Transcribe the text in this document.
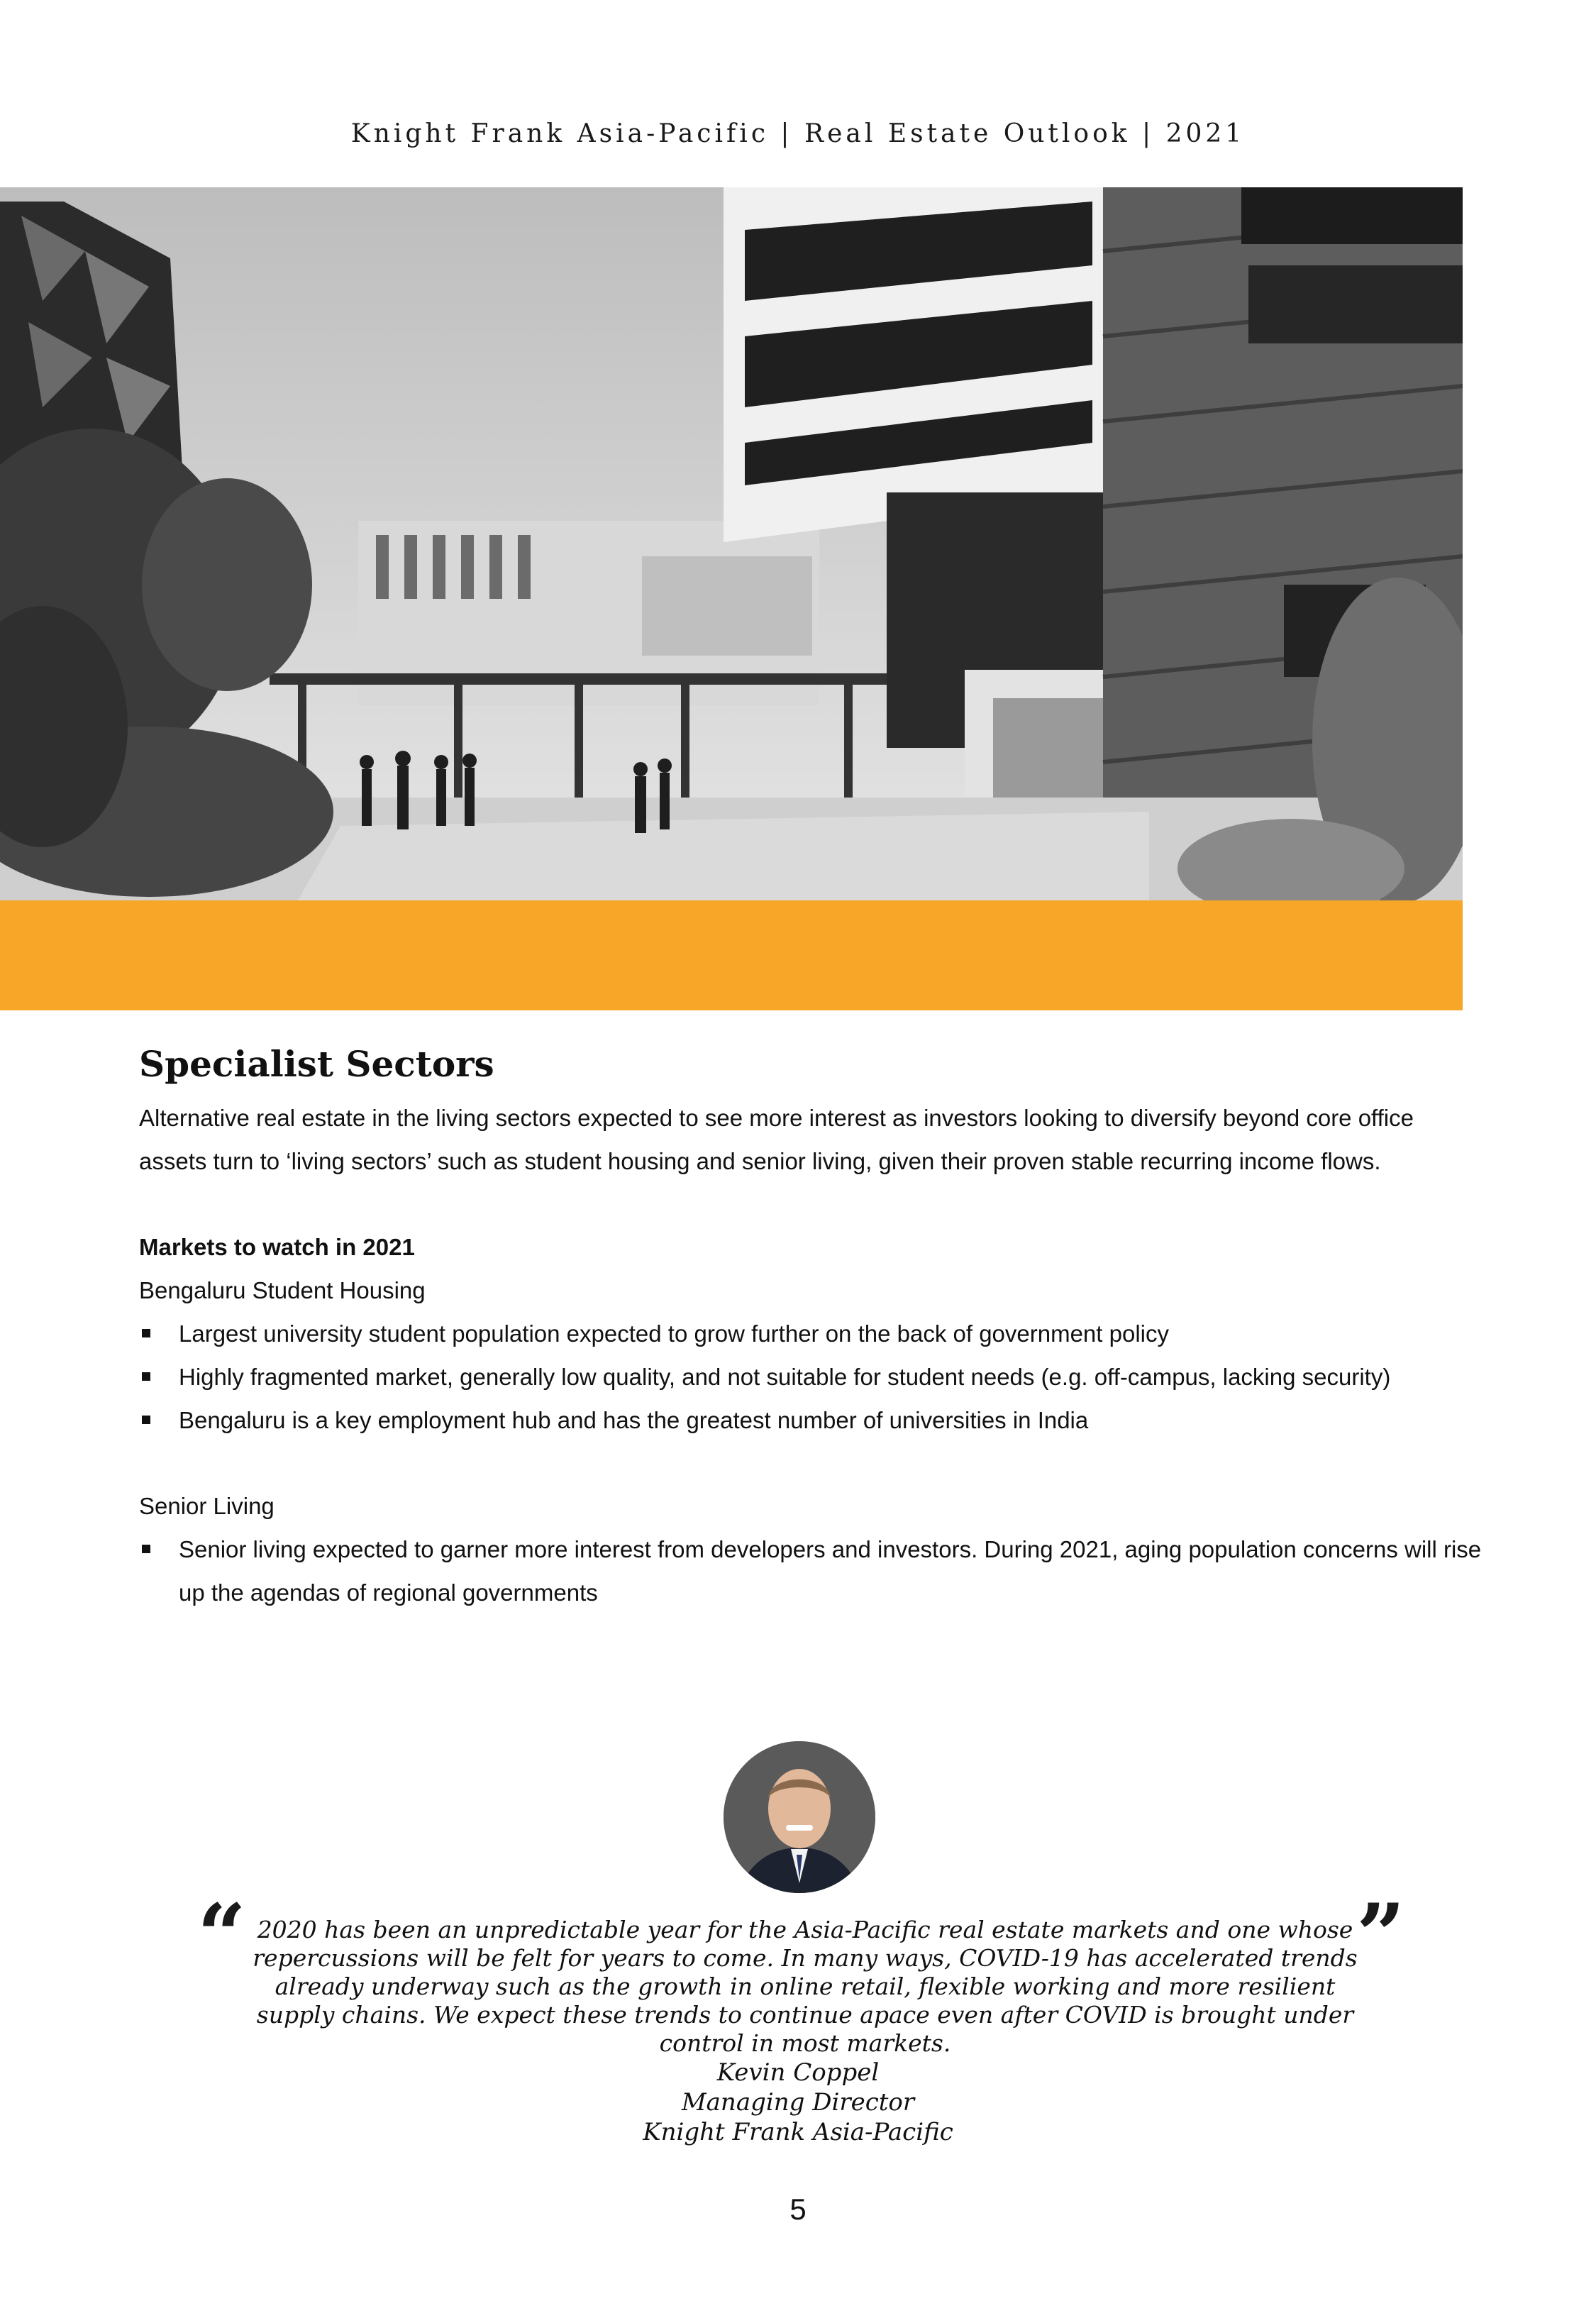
Knight Frank Asia-Pacific | Real Estate Outlook | 2021
Specialist Sectors

Alternative real estate in the living sectors expected to see more interest as investors looking to diversify beyond core office assets turn to ‘living sectors’ such as student housing and senior living, given their proven stable recurring income flows.

Markets to watch in 2021
Bengaluru Student Housing
Largest university student population expected to grow further on the back of government policy
Highly fragmented market, generally low quality, and not suitable for student needs (e.g. off-campus, lacking security)
Bengaluru is a key employment hub and has the greatest number of universities in India
Senior Living
Senior living expected to garner more interest from developers and investors. During 2021, aging population concerns will rise up the agendas of regional governments
“	”
2020 has been an unpredictable year for the Asia-Pacific real estate markets and one whose repercussions will be felt for years to come. In many ways, COVID-19 has accelerated trends already underway such as the growth in online retail, flexible working and more resilient supply chains. We expect these trends to continue apace even after COVID is brought under control in most markets.
Kevin Coppel
Managing Director
Knight Frank Asia-Pacific
5
